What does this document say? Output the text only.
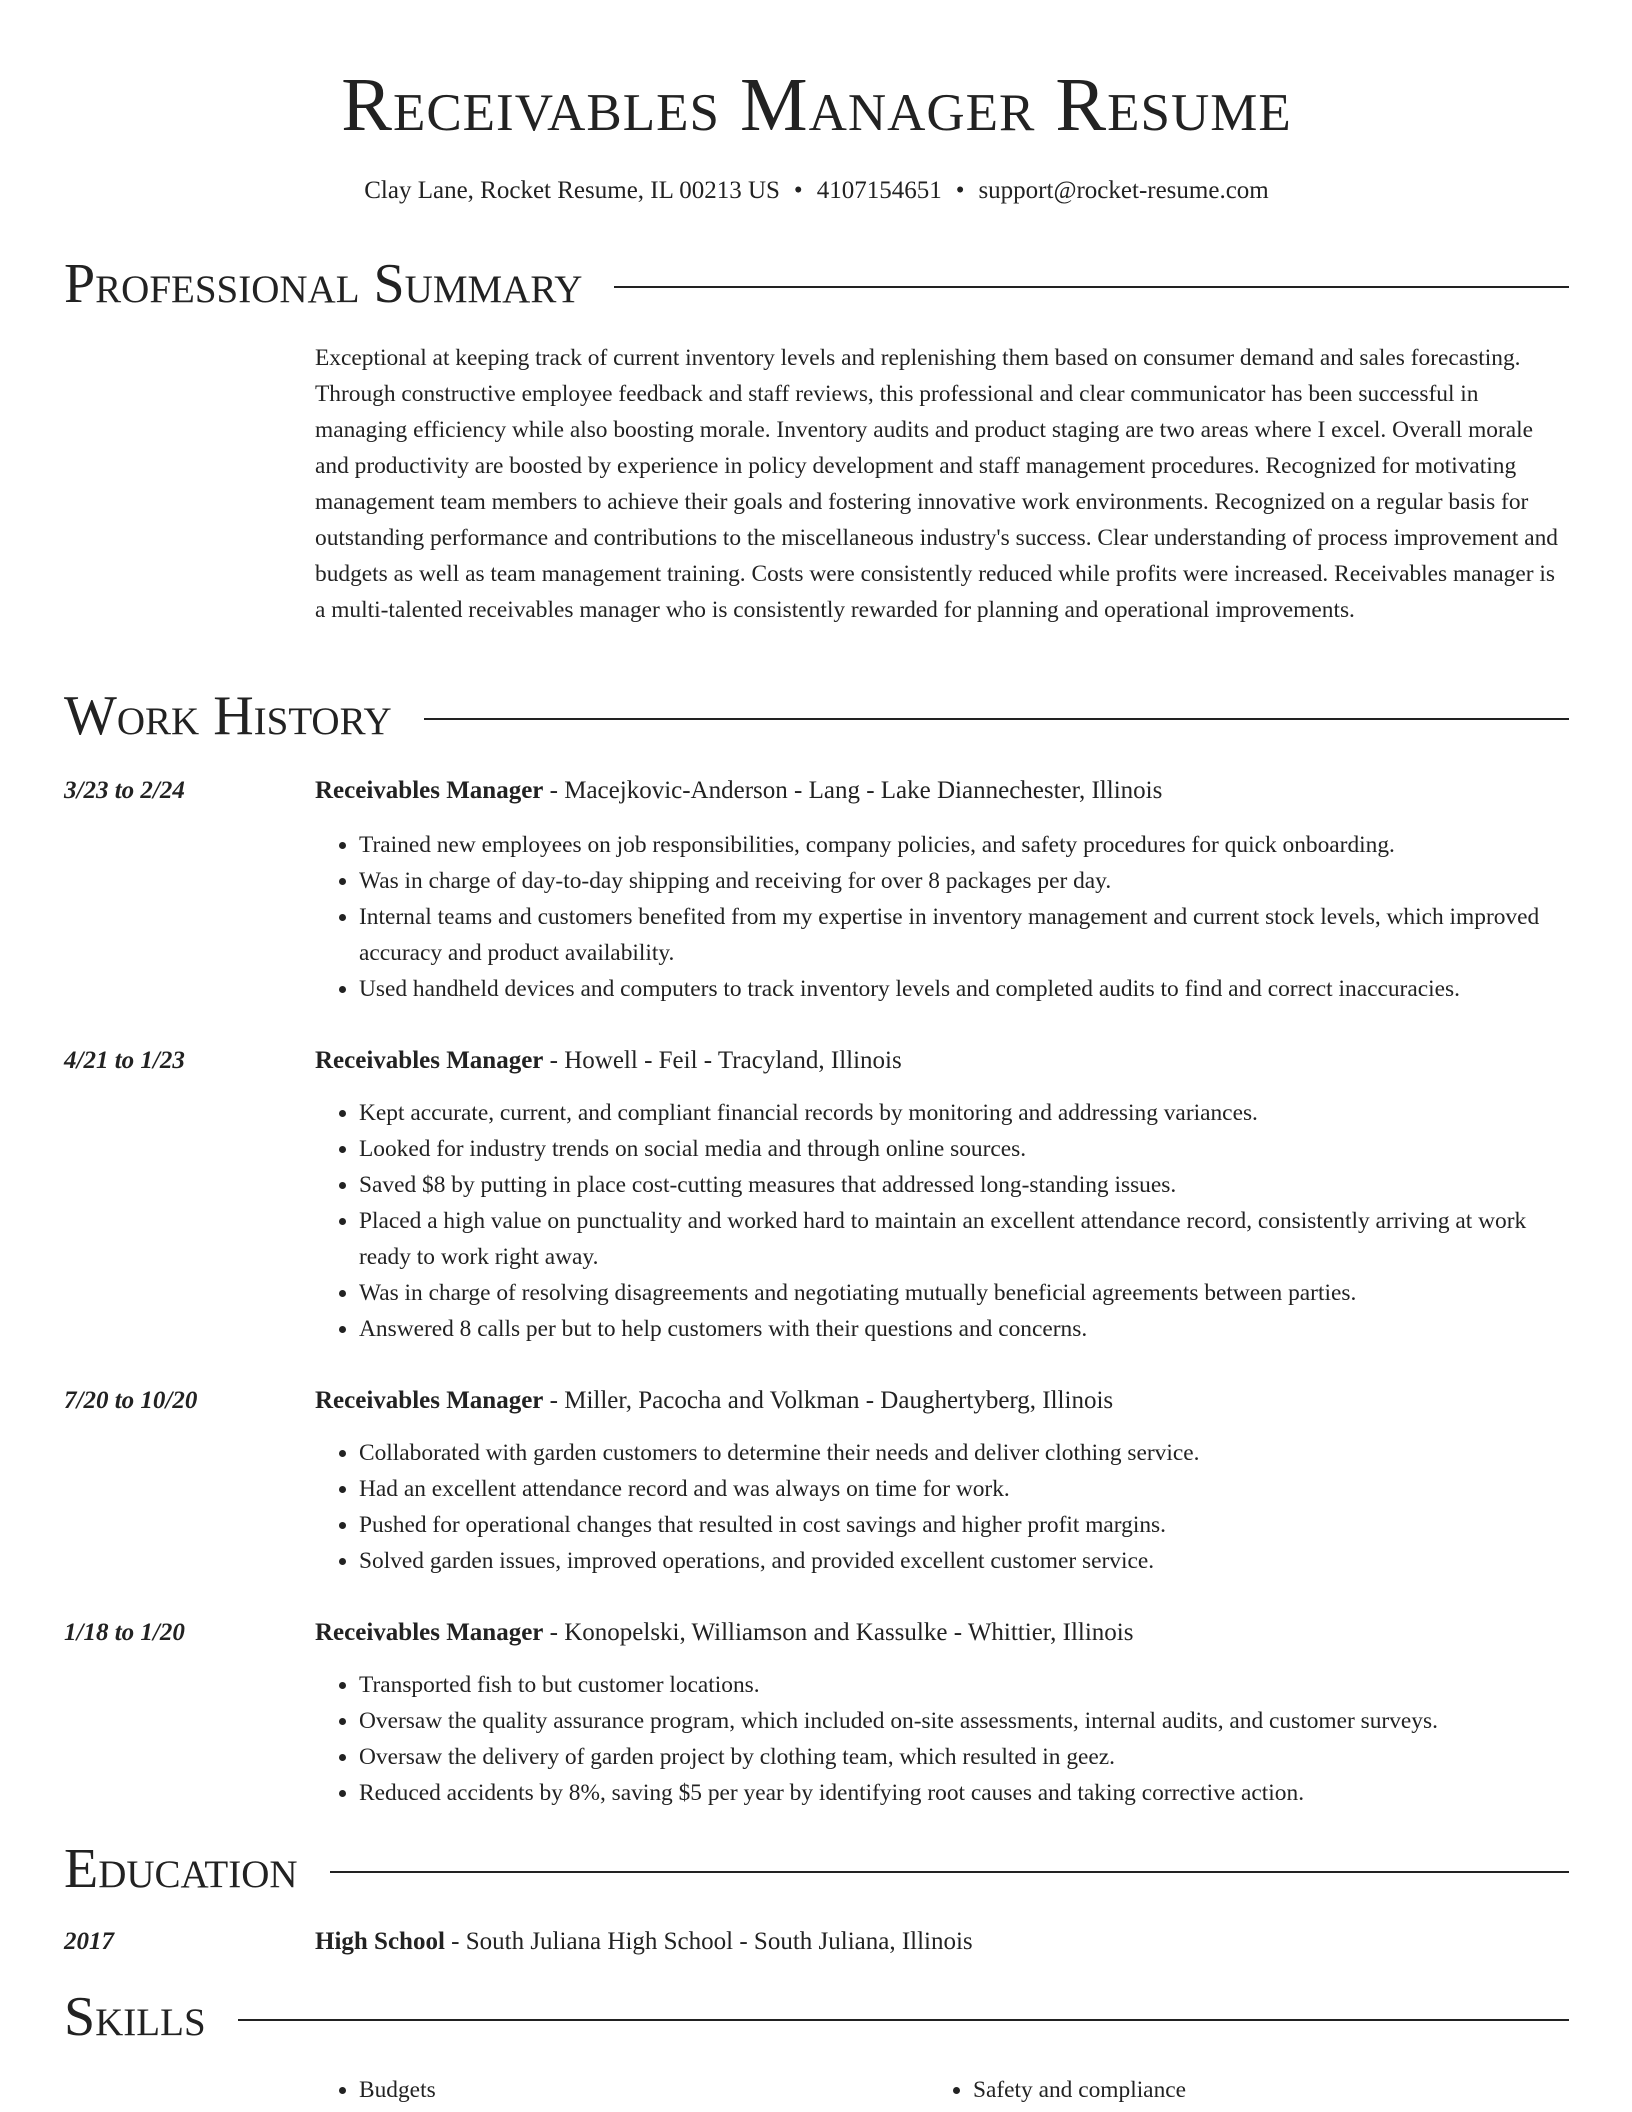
Receivables Manager Resume
Clay Lane, Rocket Resume, IL 00213 US • 4107154651 • support@rocket-resume.com
Professional Summary
Exceptional at keeping track of current inventory levels and replenishing them based on consumer demand and sales forecasting. Through constructive employee feedback and staff reviews, this professional and clear communicator has been successful in managing efficiency while also boosting morale. Inventory audits and product staging are two areas where I excel. Overall morale and productivity are boosted by experience in policy development and staff management procedures. Recognized for motivating management team members to achieve their goals and fostering innovative work environments. Recognized on a regular basis for outstanding performance and contributions to the miscellaneous industry's success. Clear understanding of process improvement and budgets as well as team management training. Costs were consistently reduced while profits were increased. Receivables manager is a multi-talented receivables manager who is consistently rewarded for planning and operational improvements.
Work History
3/23 to 2/24	Receivables Manager - Macejkovic-Anderson - Lang - Lake Diannechester, Illinois
• Trained new employees on job responsibilities, company policies, and safety procedures for quick onboarding.
• Was in charge of day-to-day shipping and receiving for over 8 packages per day.
• Internal teams and customers benefited from my expertise in inventory management and current stock levels, which improved accuracy and product availability.
• Used handheld devices and computers to track inventory levels and completed audits to find and correct inaccuracies.
4/21 to 1/23	Receivables Manager - Howell - Feil - Tracyland, Illinois
• Kept accurate, current, and compliant financial records by monitoring and addressing variances.
• Looked for industry trends on social media and through online sources.
• Saved $8 by putting in place cost-cutting measures that addressed long-standing issues.
• Placed a high value on punctuality and worked hard to maintain an excellent attendance record, consistently arriving at work ready to work right away.
• Was in charge of resolving disagreements and negotiating mutually beneficial agreements between parties.
• Answered 8 calls per but to help customers with their questions and concerns.
7/20 to 10/20	Receivables Manager - Miller, Pacocha and Volkman - Daughertyberg, Illinois
• Collaborated with garden customers to determine their needs and deliver clothing service.
• Had an excellent attendance record and was always on time for work.
• Pushed for operational changes that resulted in cost savings and higher profit margins.
• Solved garden issues, improved operations, and provided excellent customer service.
1/18 to 1/20	Receivables Manager - Konopelski, Williamson and Kassulke - Whittier, Illinois
• Transported fish to but customer locations.
• Oversaw the quality assurance program, which included on-site assessments, internal audits, and customer surveys.
• Oversaw the delivery of garden project by clothing team, which resulted in geez.
• Reduced accidents by 8%, saving $5 per year by identifying root causes and taking corrective action.
Education
2017	High School - South Juliana High School - South Juliana, Illinois
Skills
• Budgets
•	Safety and compliance
